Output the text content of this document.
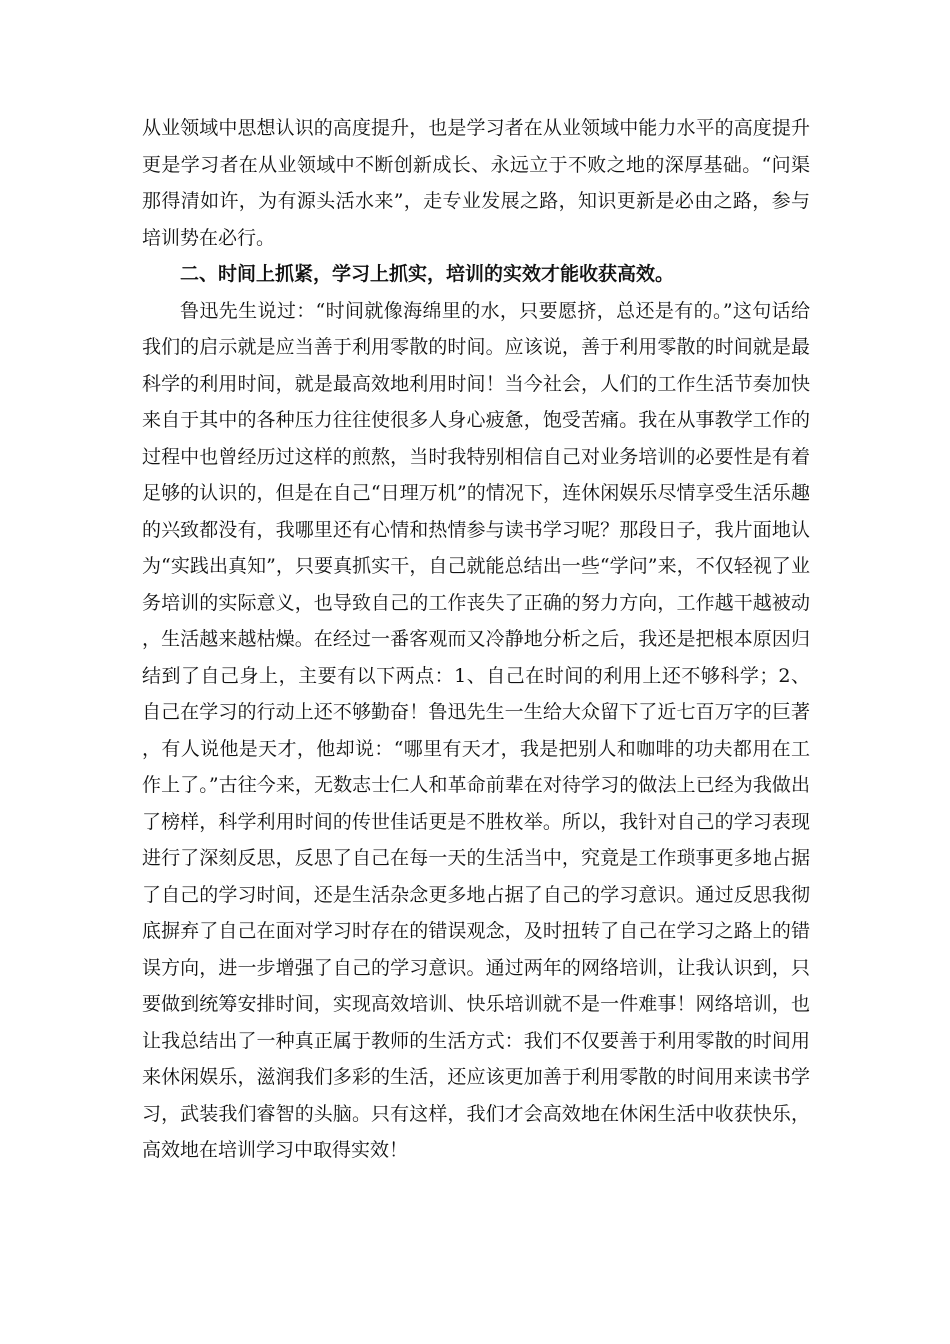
从业领域中思想认识的高度提升，也是学习者在从业领域中能力水平的高度提升更是学习者在从业领域中不断创新成长、永远立于不败之地的深厚基础。“问渠那得清如许，为有源头活水来”，走专业发展之路，知识更新是必由之路，参与培训势在必行。

二、时间上抓紧，学习上抓实，培训的实效才能收获高效。

鲁迅先生说过：“时间就像海绵里的水，只要愿挤，总还是有的。”这句话给我们的启示就是应当善于利用零散的时间。应该说，善于利用零散的时间就是最科学的利用时间，就是最高效地利用时间！当今社会，人们的工作生活节奏加快来自于其中的各种压力往往使很多人身心疲惫，饱受苦痛。我在从事教学工作的过程中也曾经历过这样的煎熬，当时我特别相信自己对业务培训的必要性是有着足够的认识的，但是在自己“日理万机”的情况下，连休闲娱乐尽情享受生活乐趣的兴致都没有，我哪里还有心情和热情参与读书学习呢？那段日子，我片面地认为“实践出真知”，只要真抓实干，自己就能总结出一些“学问”来，不仅轻视了业务培训的实际意义，也导致自己的工作丧失了正确的努力方向，工作越干越被动，生活越来越枯燥。在经过一番客观而又冷静地分析之后，我还是把根本原因归结到了自己身上，主要有以下两点：1、自己在时间的利用上还不够科学；2、自己在学习的行动上还不够勤奋！鲁迅先生一生给大众留下了近七百万字的巨著，有人说他是天才，他却说：“哪里有天才，我是把别人和咖啡的功夫都用在工作上了。”古往今来，无数志士仁人和革命前辈在对待学习的做法上已经为我做出了榜样，科学利用时间的传世佳话更是不胜枚举。所以，我针对自己的学习表现进行了深刻反思，反思了自己在每一天的生活当中，究竟是工作琐事更多地占据了自己的学习时间，还是生活杂念更多地占据了自己的学习意识。通过反思我彻底摒弃了自己在面对学习时存在的错误观念，及时扭转了自己在学习之路上的错误方向，进一步增强了自己的学习意识。通过两年的网络培训，让我认识到，只要做到统筹安排时间，实现高效培训、快乐培训就不是一件难事！网络培训，也让我总结出了一种真正属于教师的生活方式：我们不仅要善于利用零散的时间用来休闲娱乐，滋润我们多彩的生活，还应该更加善于利用零散的时间用来读书学习，武装我们睿智的头脑。只有这样，我们才会高效地在休闲生活中收获快乐，高效地在培训学习中取得实效！
